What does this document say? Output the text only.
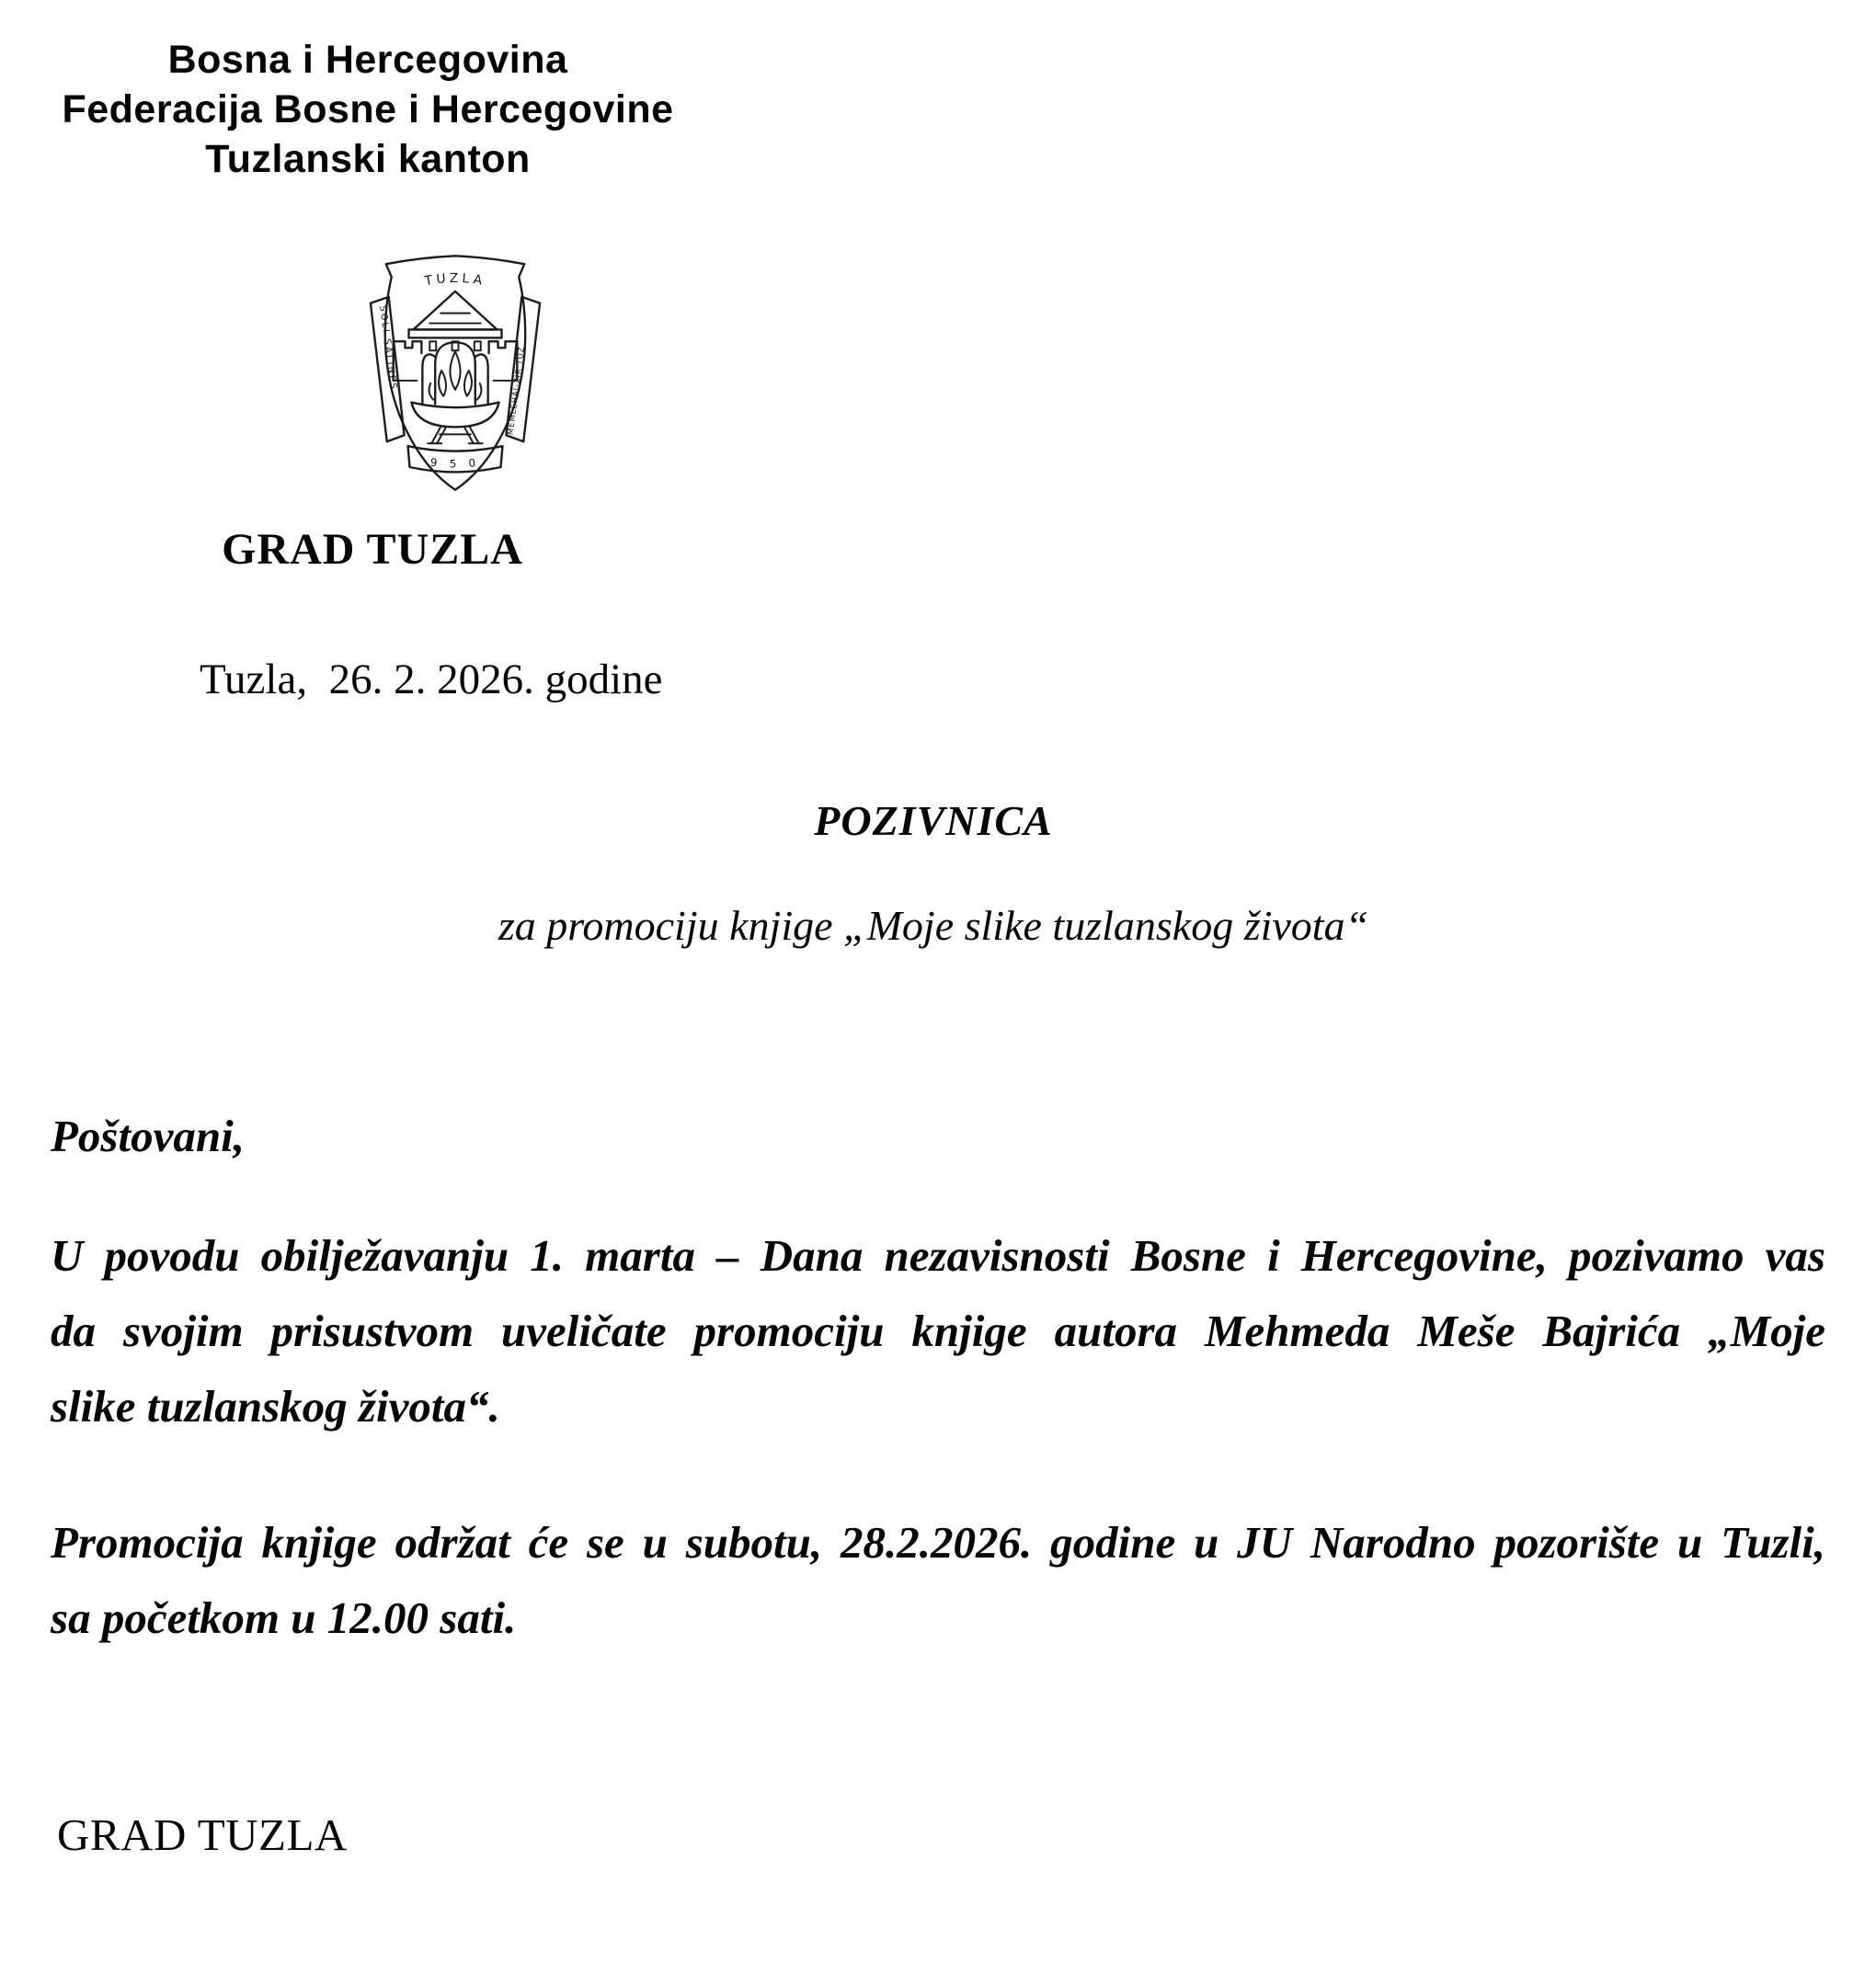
Bosna i Hercegovina
Federacija Bosne i Hercegovine
Tuzlanski kanton
TUZLA
SOLI SALINES
MEMLEHAI-ZIR TUZ
9 5 0
GRAD TUZLA
Tuzla,  26. 2. 2026. godine
POZIVNICA
za promociju knjige „Moje slike tuzlanskog života“
Poštovani,
U povodu obilježavanju 1. marta – Dana nezavisnosti Bosne i Hercegovine, pozivamo vas
da svojim prisustvom uveličate promociju knjige autora Mehmeda Meše Bajrića „Moje
slike tuzlanskog života“.
Promocija knjige održat će se u subotu, 28.2.2026. godine u JU Narodno pozorište u Tuzli,
sa početkom u 12.00 sati.
GRAD TUZLA
